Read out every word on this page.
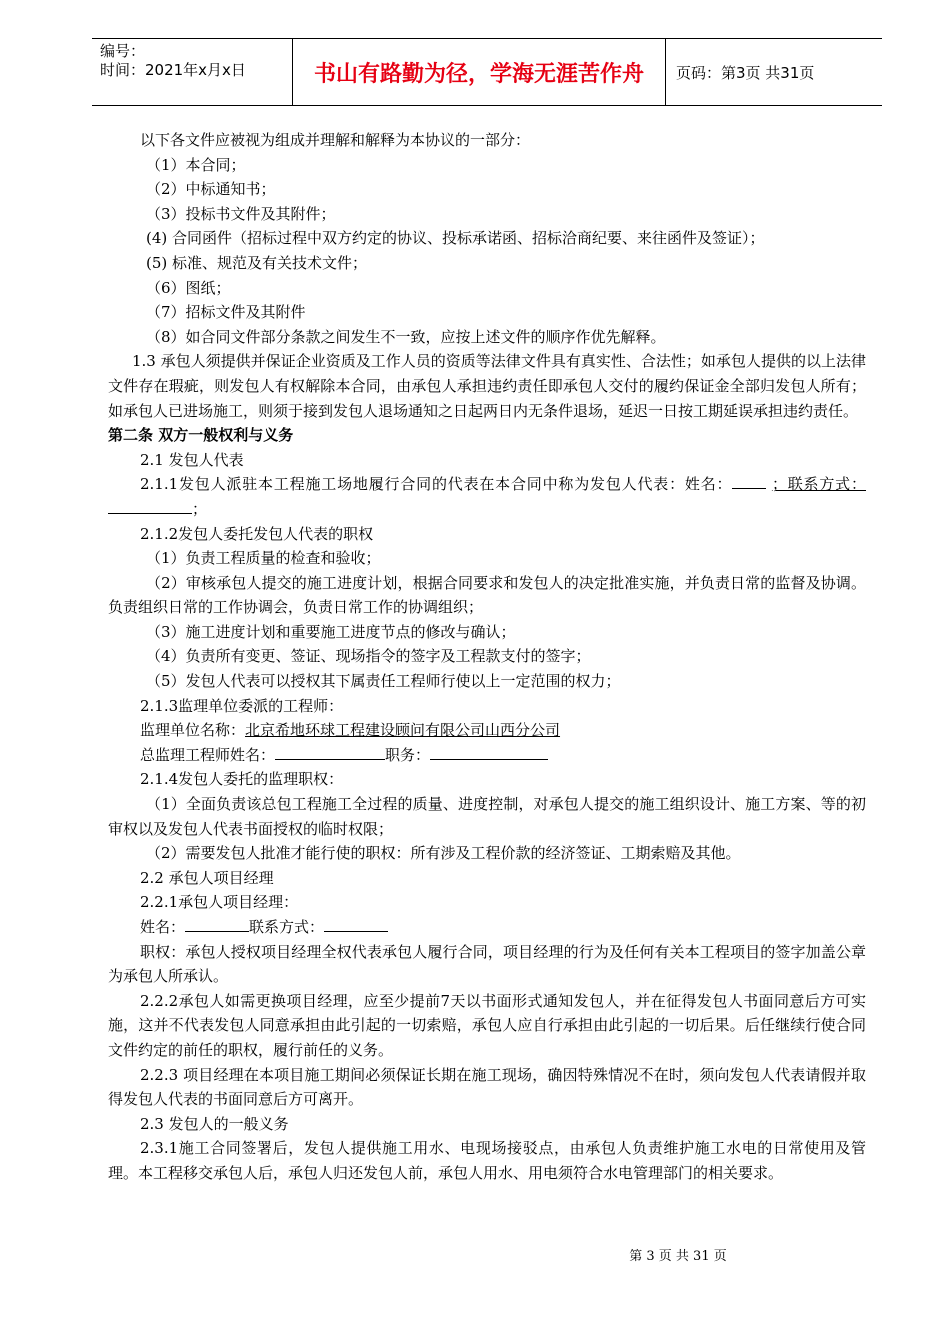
编号：
时间：2021年x月x日	书山有路勤为径，学海无涯苦作舟	页码：第3页 共31页

以下各文件应被视为组成并理解和解释为本协议的一部分：

（1）本合同；

（2）中标通知书；

（3）投标书文件及其附件；

(4) 合同函件（招标过程中双方约定的协议、投标承诺函、招标洽商纪要、来往函件及签证）；

(5) 标准、规范及有关技术文件；

（6）图纸；

（7）招标文件及其附件

（8）如合同文件部分条款之间发生不一致，应按上述文件的顺序作优先解释。

1.3 承包人须提供并保证企业资质及工作人员的资质等法律文件具有真实性、合法性；如承包人提供的以上法律文件存在瑕疵，则发包人有权解除本合同，由承包人承担违约责任即承包人交付的履约保证金全部归发包人所有；如承包人已进场施工，则须于接到发包人退场通知之日起两日内无条件退场，延迟一日按工期延误承担违约责任。

第二条 双方一般权利与义务

2.1 发包人代表

2.1.1发包人派驻本工程施工场地履行合同的代表在本合同中称为发包人代表：姓名：	；联系方式：；

2.1.2发包人委托发包人代表的职权

（1）负责工程质量的检查和验收；

（2）审核承包人提交的施工进度计划，根据合同要求和发包人的决定批准实施，并负责日常的监督及协调。负责组织日常的工作协调会，负责日常工作的协调组织；

（3）施工进度计划和重要施工进度节点的修改与确认；

（4）负责所有变更、签证、现场指令的签字及工程款支付的签字；

（5）发包人代表可以授权其下属责任工程师行使以上一定范围的权力；

2.1.3监理单位委派的工程师：

监理单位名称：北京希地环球工程建设顾问有限公司山西分公司

总监理工程师姓名：	职务：

2.1.4发包人委托的监理职权：

（1）全面负责该总包工程施工全过程的质量、进度控制，对承包人提交的施工组织设计、施工方案、等的初审权以及发包人代表书面授权的临时权限；

（2）需要发包人批准才能行使的职权：所有涉及工程价款的经济签证、工期索赔及其他。

2.2 承包人项目经理

2.2.1承包人项目经理：

姓名：	联系方式：

职权：承包人授权项目经理全权代表承包人履行合同，项目经理的行为及任何有关本工程项目的签字加盖公章为承包人所承认。

2.2.2承包人如需更换项目经理，应至少提前7天以书面形式通知发包人，并在征得发包人书面同意后方可实施，这并不代表发包人同意承担由此引起的一切索赔，承包人应自行承担由此引起的一切后果。后任继续行使合同文件约定的前任的职权，履行前任的义务。

2.2.3 项目经理在本项目施工期间必须保证长期在施工现场，确因特殊情况不在时，须向发包人代表请假并取得发包人代表的书面同意后方可离开。

2.3 发包人的一般义务

2.3.1施工合同签署后，发包人提供施工用水、电现场接驳点，由承包人负责维护施工水电的日常使用及管理。本工程移交承包人后，承包人归还发包人前，承包人用水、用电须符合水电管理部门的相关要求。

第 3 页 共 31 页
